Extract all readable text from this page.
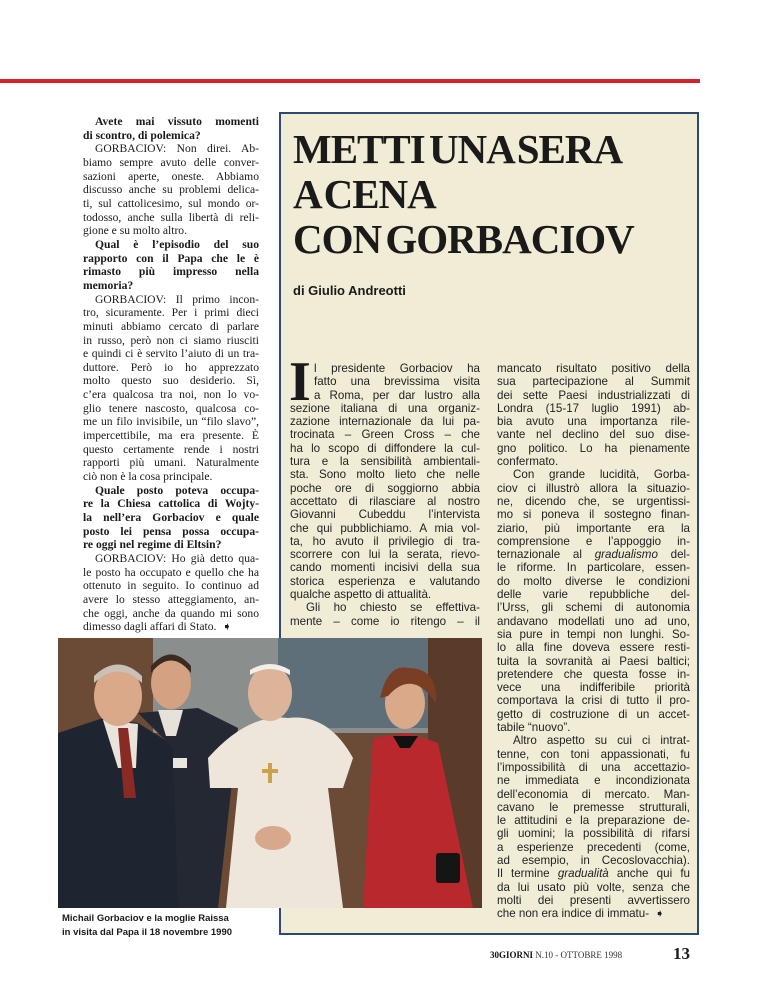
METTI UNA SERA
A CENA
CON GORBACIOV
di Giulio Andreotti
Avete mai vissuto momenti
di scontro, di polemica?
GORBACIOV: Non direi. Ab-
biamo sempre avuto delle conver-
sazioni aperte, oneste. Abbiamo
discusso anche su problemi delica-
ti, sul cattolicesimo, sul mondo or-
todosso, anche sulla libertà di reli-
gione e su molto altro.
Qual è l’episodio del suo
rapporto con il Papa che le è
rimasto più impresso nella
memoria?
GORBACIOV: Il primo incon-
tro, sicuramente. Per i primi dieci
minuti abbiamo cercato di parlare
in russo, però non ci siamo riusciti
e quindi ci è servito l’aiuto di un tra-
duttore. Però io ho apprezzato
molto questo suo desiderio. Sì,
c’era qualcosa tra noi, non lo vo-
glio tenere nascosto, qualcosa co-
me un filo invisibile, un “filo slavo”,
impercettibile, ma era presente. È
questo certamente rende i nostri
rapporti più umani. Naturalmente
ciò non è la cosa principale.
Quale posto poteva occupa-
re la Chiesa cattolica di Wojty-
la nell’era Gorbaciov e quale
posto lei pensa possa occupa-
re oggi nel regime di Eltsin?
GORBACIOV: Ho già detto qua-
le posto ha occupato e quello che ha
ottenuto in seguito. Io continuo ad
avere lo stesso atteggiamento, an-
che oggi, anche da quando mi sono
dimesso dagli affari di Stato. ➧
I l presidente Gorbaciov ha
fatto una brevissima visita
a Roma, per dar lustro alla
sezione italiana di una organiz-
zazione internazionale da lui pa-
trocinata – Green Cross – che
ha lo scopo di diffondere la cul-
tura e la sensibilità ambientali-
sta. Sono molto lieto che nelle
poche ore di soggiorno abbia
accettato di rilasciare al nostro
Giovanni Cubeddu l’intervista
che qui pubblichiamo. A mia vol-
ta, ho avuto il privilegio di tra-
scorrere con lui la serata, rievo-
cando momenti incisivi della sua
storica esperienza e valutando
qualche aspetto di attualità.
Gli ho chiesto se effettiva-
mente – come io ritengo – il
mancato risultato positivo della
sua partecipazione al Summit
dei sette Paesi industrializzati di
Londra (15-17 luglio 1991) ab-
bia avuto una importanza rile-
vante nel declino del suo dise-
gno politico. Lo ha pienamente
confermato.
Con grande lucidità, Gorba-
ciov ci illustrò allora la situazio-
ne, dicendo che, se urgentissi-
mo si poneva il sostegno finan-
ziario, più importante era la
comprensione e l’appoggio in-
ternazionale al gradualismo del-
le riforme. In particolare, essen-
do molto diverse le condizioni
delle varie repubbliche del-
l’Urss, gli schemi di autonomia
andavano modellati uno ad uno,
sia pure in tempi non lunghi. So-
lo alla fine doveva essere resti-
tuita la sovranità ai Paesi baltici;
pretendere che questa fosse in-
vece una indifferibile priorità
comportava la crisi di tutto il pro-
getto di costruzione di un accet-
tabile “nuovo”.
Altro aspetto su cui ci intrat-
tenne, con toni appassionati, fu
l’impossibilità di una accettazio-
ne immediata e incondizionata
dell’economia di mercato. Man-
cavano le premesse strutturali,
le attitudini e la preparazione de-
gli uomini; la possibilità di rifarsi
a esperienze precedenti (come,
ad esempio, in Cecoslovacchia).
Il termine gradualità anche qui fu
da lui usato più volte, senza che
molti dei presenti avvertissero
che non era indice di immatu- ➧
Michail Gorbaciov e la moglie Raissa
in visita dal Papa il 18 novembre 1990
30GIORNI N.10 - OTTOBRE 1998	13
